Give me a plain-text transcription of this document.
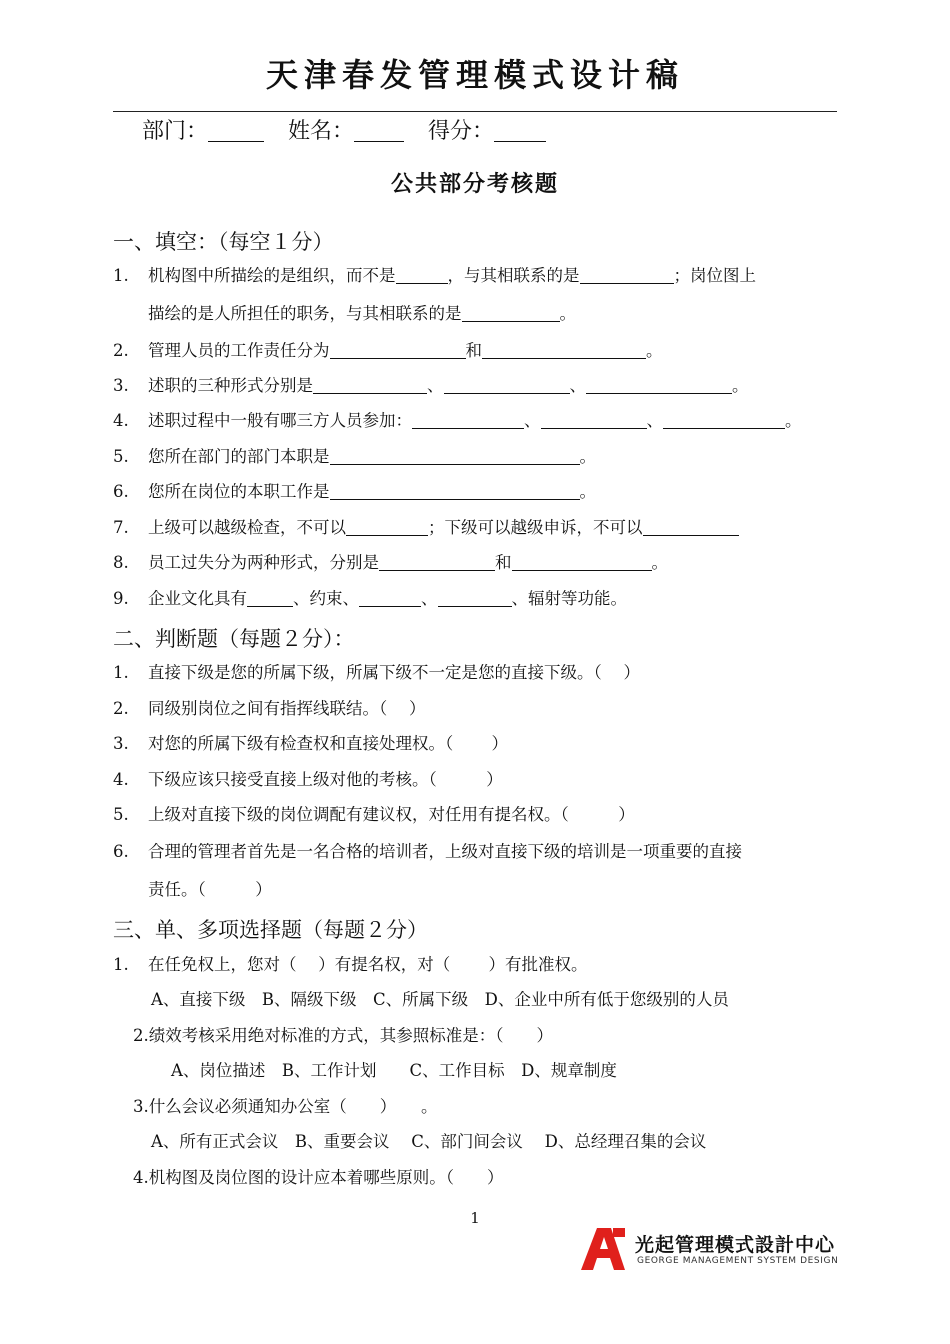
天津春发管理模式设计稿
部门：	姓名：	得分：
公共部分考核题
一、填空：（每空１分）
1. 机构图中所描绘的是组织，而不是	，与其相联系的是	；岗位图上
描绘的是人所担任的职务，与其相联系的是	。
2. 管理人员的工作责任分为	和	。
3. 述职的三种形式分别是	、	、	。
4. 述职过程中一般有哪三方人员参加：	、	、	。
5. 您所在部门的部门本职是	。
6. 您所在岗位的本职工作是	。
7. 上级可以越级检查，不可以	；下级可以越级申诉，不可以
8. 员工过失分为两种形式，分别是	和	。
9. 企业文化具有	、约束、	、	、辐射等功能。
二、判断题（每题２分）：
1. 直接下级是您的所属下级，所属下级不一定是您的直接下级。（　 ）
2. 同级别岗位之间有指挥线联结。（　 ）
3. 对您的所属下级有检查权和直接处理权。（　　 ）
4. 下级应该只接受直接上级对他的考核。（　　　）
5. 上级对直接下级的岗位调配有建议权，对任用有提名权。（　　　）
6. 合理的管理者首先是一名合格的培训者，上级对直接下级的培训是一项重要的直接
责任。（　　　）
三、单、多项选择题（每题２分）
1. 在任免权上，您对（　 ）有提名权，对（　　 ）有批准权。
A、直接下级　B、隔级下级　C、所属下级　D、企业中所有低于您级别的人员
2.绩效考核采用绝对标准的方式，其参照标准是：（　　）
A、岗位描述　B、工作计划　　C、工作目标　D、规章制度
3.什么会议必须通知办公室（　　）　　。
A、所有正式会议　B、重要会议　 C、部门间会议　 D、总经理召集的会议
4.机构图及岗位图的设计应本着哪些原则。（　　）
1
光起管理模式設計中心
GEORGE MANAGEMENT SYSTEM DESIGN
